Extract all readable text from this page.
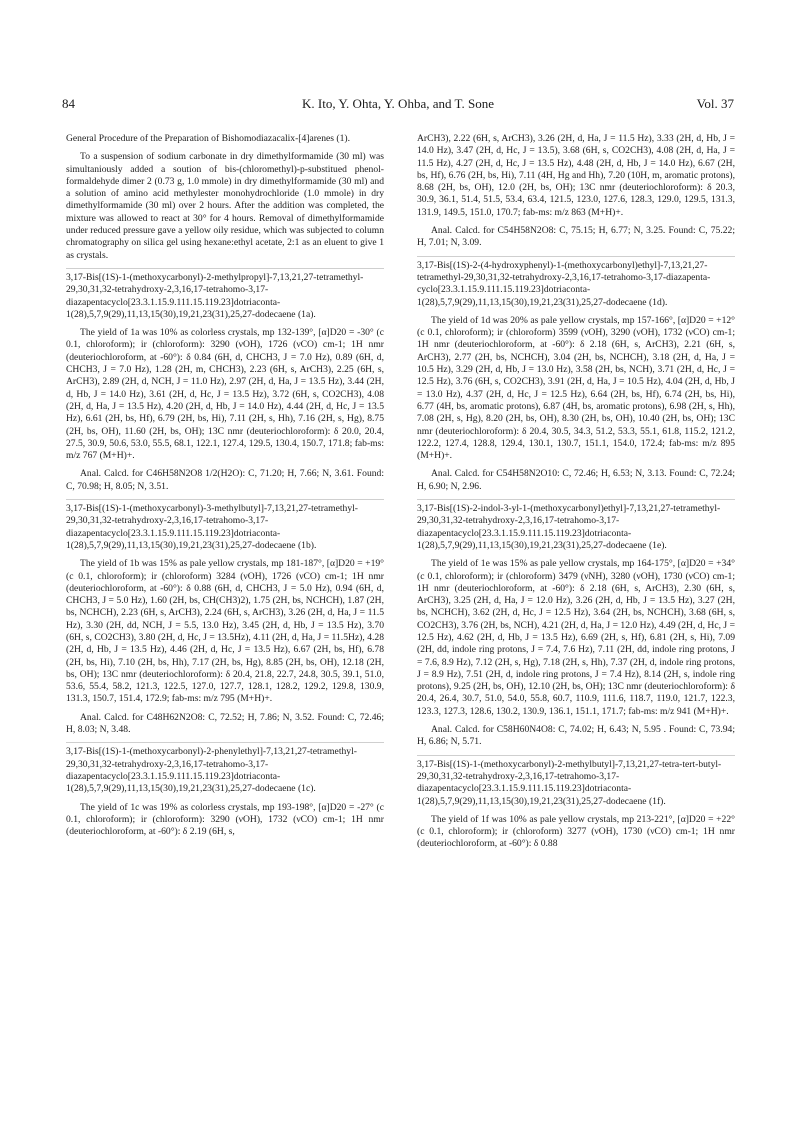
84	K. Ito, Y. Ohta, Y. Ohba, and T. Sone	Vol. 37

General Procedure of the Preparation of Bishomodiazacalix-[4]arenes (1).

To a suspension of sodium carbonate in dry dimethylformamide (30 ml) was simultaniously added a soution of bis-(chloromethyl)-p-substitued phenol-formaldehyde dimer 2 (0.73 g, 1.0 mmole) in dry dimethylformamide (30 ml) and a solution of amino acid methylester monohydrochloride (1.0 mmole) in dry dimethylformamide (30 ml) over 2 hours. After the addition was completed, the mixture was allowed to react at 30° for 4 hours. Removal of dimethylformamide under reduced pressure gave a yellow oily residue, which was subjected to column chromatography on silica gel using hexane:ethyl acetate, 2:1 as an eluent to give 1 as crystals.

3,17-Bis[(1S)-1-(methoxycarbonyl)-2-methylpropyl]-7,13,21,27-tetramethyl-29,30,31,32-tetrahydroxy-2,3,16,17-tetrahomo-3,17-diazapentacyclo[23.3.1.15.9.111.15.119.23]dotriaconta-1(28),5,7,9(29),11,13,15(30),19,21,23(31),25,27-dodecaene (1a).

The yield of 1a was 10% as colorless crystals, mp 132-139°, [α]D20 = -30° (c 0.1, chloroform); ir (chloroform): 3290 (νOH), 1726 (νCO) cm-1; 1H nmr (deuteriochloroform, at -60°): δ 0.84 (6H, d, CHCH3, J = 7.0 Hz), 0.89 (6H, d, CHCH3, J = 7.0 Hz), 1.28 (2H, m, CHCH3), 2.23 (6H, s, ArCH3), 2.25 (6H, s, ArCH3), 2.89 (2H, d, NCH, J = 11.0 Hz), 2.97 (2H, d, Ha, J = 13.5 Hz), 3.44 (2H, d, Hb, J = 14.0 Hz), 3.61 (2H, d, Hc, J = 13.5 Hz), 3.72 (6H, s, CO2CH3), 4.08 (2H, d, Ha, J = 13.5 Hz), 4.20 (2H, d, Hb, J = 14.0 Hz), 4.44 (2H, d, Hc, J = 13.5 Hz), 6.61 (2H, bs, Hf), 6.79 (2H, bs, Hi), 7.11 (2H, s, Hh), 7.16 (2H, s, Hg), 8.75 (2H, bs, OH), 11.60 (2H, bs, OH); 13C nmr (deuteriochloroform): δ 20.0, 20.4, 27.5, 30.9, 50.6, 53.0, 55.5, 68.1, 122.1, 127.4, 129.5, 130.4, 150.7, 171.8; fab-ms: m/z 767 (M+H)+.

Anal. Calcd. for C46H58N2O8 1/2(H2O): C, 71.20; H, 7.66; N, 3.61. Found: C, 70.98; H, 8.05; N, 3.51.

3,17-Bis[(1S)-1-(methoxycarbonyl)-3-methylbutyl]-7,13,21,27-tetramethyl-29,30,31,32-tetrahydroxy-2,3,16,17-tetrahomo-3,17-diazapentacyclo[23.3.1.15.9.111.15.119.23]dotriaconta-1(28),5,7,9(29),11,13,15(30),19,21,23(31),25,27-dodecaene (1b).

The yield of 1b was 15% as pale yellow crystals, mp 181-187°, [α]D20 = +19° (c 0.1, chloroform); ir (chloroform) 3284 (νOH), 1726 (νCO) cm-1; 1H nmr (deuteriochloroform, at -60°): δ 0.88 (6H, d, CHCH3, J = 5.0 Hz), 0.94 (6H, d, CHCH3, J = 5.0 Hz), 1.60 (2H, bs, CH(CH3)2), 1.75 (2H, bs, NCHCH), 1.87 (2H, bs, NCHCH), 2.23 (6H, s, ArCH3), 2.24 (6H, s, ArCH3), 3.26 (2H, d, Ha, J = 11.5 Hz), 3.30 (2H, dd, NCH, J = 5.5, 13.0 Hz), 3.45 (2H, d, Hb, J = 13.5 Hz), 3.70 (6H, s, CO2CH3), 3.80 (2H, d, Hc, J = 13.5Hz), 4.11 (2H, d, Ha, J = 11.5Hz), 4.28 (2H, d, Hb, J = 13.5 Hz), 4.46 (2H, d, Hc, J = 13.5 Hz), 6.67 (2H, bs, Hf), 6.78 (2H, bs, Hi), 7.10 (2H, bs, Hh), 7.17 (2H, bs, Hg), 8.85 (2H, bs, OH), 12.18 (2H, bs, OH); 13C nmr (deuteriochloroform): δ 20.4, 21.8, 22.7, 24.8, 30.5, 39.1, 51.0, 53.6, 55.4, 58.2, 121.3, 122.5, 127.0, 127.7, 128.1, 128.2, 129.2, 129.8, 130.9, 131.3, 150.7, 151.4, 172.9; fab-ms: m/z 795 (M+H)+.

Anal. Calcd. for C48H62N2O8: C, 72.52; H, 7.86; N, 3.52. Found: C, 72.46; H, 8.03; N, 3.48.

3,17-Bis[(1S)-1-(methoxycarbonyl)-2-phenylethyl]-7,13,21,27-tetramethyl-29,30,31,32-tetrahydroxy-2,3,16,17-tetrahomo-3,17-diazapentacyclo[23.3.1.15.9.111.15.119.23]dotriaconta-1(28),5,7,9(29),11,13,15(30),19,21,23(31),25,27-dodecaene (1c).

The yield of 1c was 19% as colorless crystals, mp 193-198°, [α]D20 = -27° (c 0.1, chloroform); ir (chloroform): 3290 (νOH), 1732 (νCO) cm-1; 1H nmr (deuteriochloroform, at -60°): δ 2.19 (6H, s,

ArCH3), 2.22 (6H, s, ArCH3), 3.26 (2H, d, Ha, J = 11.5 Hz), 3.33 (2H, d, Hb, J = 14.0 Hz), 3.47 (2H, d, Hc, J = 13.5), 3.68 (6H, s, CO2CH3), 4.08 (2H, d, Ha, J = 11.5 Hz), 4.27 (2H, d, Hc, J = 13.5 Hz), 4.48 (2H, d, Hb, J = 14.0 Hz), 6.67 (2H, bs, Hf), 6.76 (2H, bs, Hi), 7.11 (4H, Hg and Hh), 7.20 (10H, m, aromatic protons), 8.68 (2H, bs, OH), 12.0 (2H, bs, OH); 13C nmr (deuteriochloroform): δ 20.3, 30.9, 36.1, 51.4, 51.5, 53.4, 63.4, 121.5, 123.0, 127.6, 128.3, 129.0, 129.5, 131.3, 131.9, 149.5, 151.0, 170.7; fab-ms: m/z 863 (M+H)+.

Anal. Calcd. for C54H58N2O8: C, 75.15; H, 6.77; N, 3.25. Found: C, 75.22; H, 7.01; N, 3.09.

3,17-Bis[(1S)-2-(4-hydroxyphenyl)-1-(methoxycarbonyl)ethyl]-7,13,21,27-tetramethyl-29,30,31,32-tetrahydroxy-2,3,16,17-tetrahomo-3,17-diazapenta-cyclo[23.3.1.15.9.111.15.119.23]dotriaconta-1(28),5,7,9(29),11,13,15(30),19,21,23(31),25,27-dodecaene (1d).

The yield of 1d was 20% as pale yellow crystals, mp 157-166°, [α]D20 = +12° (c 0.1, chloroform); ir (chloroform) 3599 (νOH), 3290 (νOH), 1732 (νCO) cm-1; 1H nmr (deuteriochloroform, at -60°): δ 2.18 (6H, s, ArCH3), 2.21 (6H, s, ArCH3), 2.77 (2H, bs, NCHCH), 3.04 (2H, bs, NCHCH), 3.18 (2H, d, Ha, J = 10.5 Hz), 3.29 (2H, d, Hb, J = 13.0 Hz), 3.58 (2H, bs, NCH), 3.71 (2H, d, Hc, J = 12.5 Hz), 3.76 (6H, s, CO2CH3), 3.91 (2H, d, Ha, J = 10.5 Hz), 4.04 (2H, d, Hb, J = 13.0 Hz), 4.37 (2H, d, Hc, J = 12.5 Hz), 6.64 (2H, bs, Hf), 6.74 (2H, bs, Hi), 6.77 (4H, bs, aromatic protons), 6.87 (4H, bs, aromatic protons), 6.98 (2H, s, Hh), 7.08 (2H, s, Hg), 8.20 (2H, bs, OH), 8.30 (2H, bs, OH), 10.40 (2H, bs, OH); 13C nmr (deuteriochloroform): δ 20.4, 30.5, 34.3, 51.2, 53.3, 55.1, 61.8, 115.2, 121.2, 122.2, 127.4, 128.8, 129.4, 130.1, 130.7, 151.1, 154.0, 172.4; fab-ms: m/z 895 (M+H)+.

Anal. Calcd. for C54H58N2O10: C, 72.46; H, 6.53; N, 3.13. Found: C, 72.24; H, 6.90; N, 2.96.

3,17-Bis[(1S)-2-indol-3-yl-1-(methoxycarbonyl)ethyl]-7,13,21,27-tetramethyl-29,30,31,32-tetrahydroxy-2,3,16,17-tetrahomo-3,17-diazapentacyclo[23.3.1.15.9.111.15.119.23]dotriaconta-1(28),5,7,9(29),11,13,15(30),19,21,23(31),25,27-dodecaene (1e).

The yield of 1e was 15% as pale yellow crystals, mp 164-175°, [α]D20 = +34° (c 0.1, chloroform); ir (chloroform) 3479 (νNH), 3280 (νOH), 1730 (νCO) cm-1; 1H nmr (deuteriochloroform, at -60°): δ 2.18 (6H, s, ArCH3), 2.30 (6H, s, ArCH3), 3.25 (2H, d, Ha, J = 12.0 Hz), 3.26 (2H, d, Hb, J = 13.5 Hz), 3.27 (2H, bs, NCHCH), 3.62 (2H, d, Hc, J = 12.5 Hz), 3.64 (2H, bs, NCHCH), 3.68 (6H, s, CO2CH3), 3.76 (2H, bs, NCH), 4.21 (2H, d, Ha, J = 12.0 Hz), 4.49 (2H, d, Hc, J = 12.5 Hz), 4.62 (2H, d, Hb, J = 13.5 Hz), 6.69 (2H, s, Hf), 6.81 (2H, s, Hi), 7.09 (2H, dd, indole ring protons, J = 7.4, 7.6 Hz), 7.11 (2H, dd, indole ring protons, J = 7.6, 8.9 Hz), 7.12 (2H, s, Hg), 7.18 (2H, s, Hh), 7.37 (2H, d, indole ring protons, J = 8.9 Hz), 7.51 (2H, d, indole ring protons, J = 7.4 Hz), 8.14 (2H, s, indole ring protons), 9.25 (2H, bs, OH), 12.10 (2H, bs, OH); 13C nmr (deuteriochloroform): δ 20.4, 26.4, 30.7, 51.0, 54.0, 55.8, 60.7, 110.9, 111.6, 118.7, 119.0, 121.7, 122.3, 123.3, 127.3, 128.6, 130.2, 130.9, 136.1, 151.1, 171.7; fab-ms: m/z 941 (M+H)+.

Anal. Calcd. for C58H60N4O8: C, 74.02; H, 6.43; N, 5.95 . Found: C, 73.94; H, 6.86; N, 5.71.

3,17-Bis[(1S)-1-(methoxycarbonyl)-2-methylbutyl]-7,13,21,27-tetra-tert-butyl-29,30,31,32-tetrahydroxy-2,3,16,17-tetrahomo-3,17-diazapentacyclo[23.3.1.15.9.111.15.119.23]dotriaconta-1(28),5,7,9(29),11,13,15(30),19,21,23(31),25,27-dodecaene (1f).

The yield of 1f was 10% as pale yellow crystals, mp 213-221°, [α]D20 = +22° (c 0.1, chloroform); ir (chloroform) 3277 (νOH), 1730 (νCO) cm-1; 1H nmr (deuteriochloroform, at -60°): δ 0.88
